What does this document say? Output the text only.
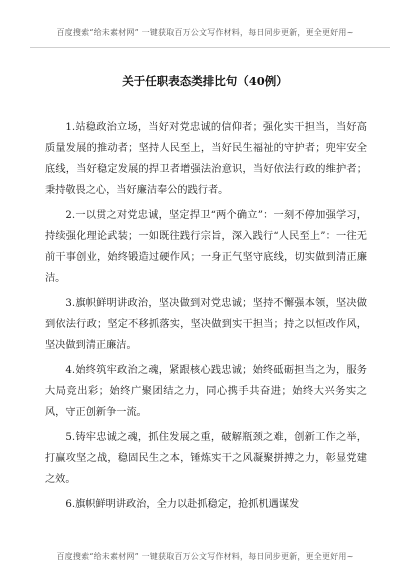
百度搜索“给未素材网” 一键获取百万公文写作材料，每日同步更新，更全更好用~
关于任职表态类排比句（40例）

1.站稳政治立场，当好对党忠诚的信仰者；强化实干担当，当好高质量发展的推动者；坚持人民至上，当好民生福祉的守护者；兜牢安全底线，当好稳定发展的捍卫者增强法治意识，当好依法行政的维护者；秉持敬畏之心，当好廉洁奉公的践行者。

2.一以贯之对党忠诚，坚定捍卫“两个确立”：一刻不停加强学习，持续强化理论武装；一如既往践行宗旨，深入践行“人民至上”：一往无前干事创业，始终锻造过硬作风；一身正气坚守底线，切实做到清正廉洁。

3.旗帜鲜明讲政治，坚决做到对党忠诚；坚持不懈强本领，坚决做到依法行政；坚定不移抓落实，坚决做到实干担当；持之以恒改作风，坚决做到清正廉洁。

4.始终筑牢政治之魂，紧跟核心践忠诚；始终砥砺担当之为，服务大局竞出彩；始终广聚团结之力，同心携手共奋进；始终大兴务实之风，守正创新争一流。

5.铸牢忠诚之魂，抓住发展之重，破解瓶颈之难，创新工作之举，打赢攻坚之战，稳固民生之本，锤炼实干之风凝聚拼搏之力，彰显党建之效。

6.旗帜鲜明讲政治，全力以赴抓稳定，抢抓机遇谋发

百度搜索“给未素材网” 一键获取百万公文写作材料，每日同步更新，更全更好用~
